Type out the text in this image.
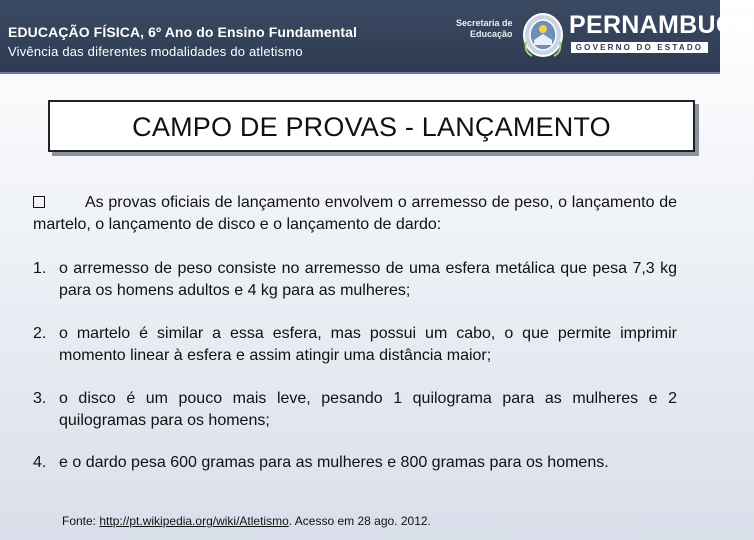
EDUCAÇÃO FÍSICA, 6º Ano do Ensino Fundamental
Vivência das diferentes modalidades do atletismo
Secretaria de
Educação PERNAMBUCO
GOVERNO DO ESTADO
CAMPO DE PROVAS - LANÇAMENTO

As provas oficiais de lançamento envolvem o arremesso de peso, o lançamento de martelo, o lançamento de disco e o lançamento de dardo:

1. o arremesso de peso consiste no arremesso de uma esfera metálica que pesa 7,3 kg para os homens adultos e 4 kg para as mulheres;
2. o martelo é similar a essa esfera, mas possui um cabo, o que permite imprimir momento linear à esfera e assim atingir uma distância maior;
3. o disco é um pouco mais leve, pesando 1 quilograma para as mulheres e 2 quilogramas para os homens;
4. e o dardo pesa 600 gramas para as mulheres e 800 gramas para os homens.
Fonte: http://pt.wikipedia.org/wiki/Atletismo. Acesso em 28 ago. 2012.
